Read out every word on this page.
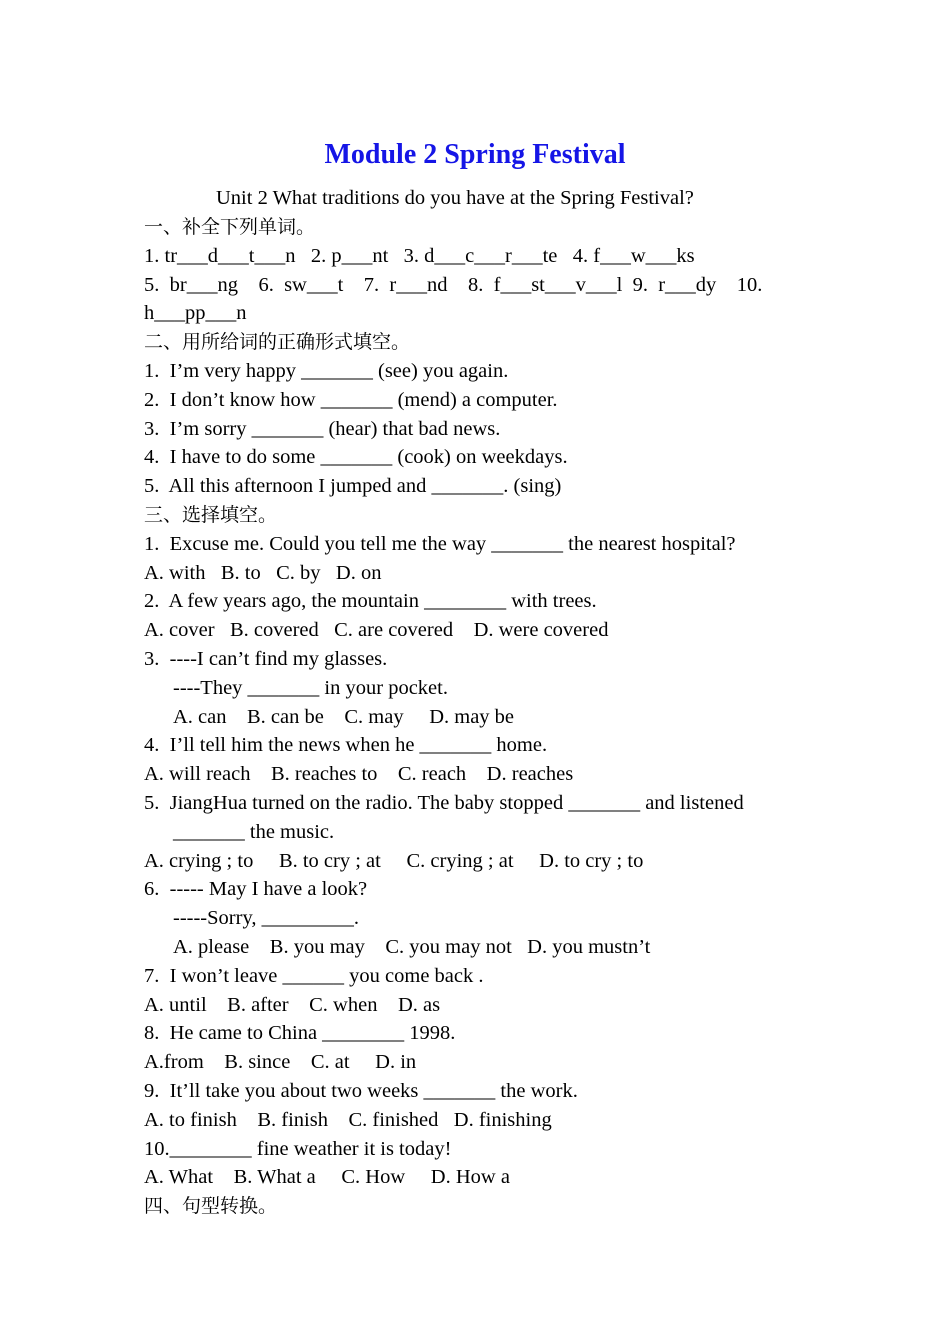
Module 2 Spring Festival
Unit 2 What traditions do you have at the Spring Festival?
一、补全下列单词。
1. tr___d___t___n   2. p___nt   3. d___c___r___te   4. f___w___ks
5.  br___ng    6.  sw___t    7.  r___nd    8.  f___st___v___l  9.  r___dy    10.
h___pp___n
二、用所给词的正确形式填空。
1.  I’m very happy _______ (see) you again.
2.  I don’t know how _______ (mend) a computer.
3.  I’m sorry _______ (hear) that bad news.
4.  I have to do some _______ (cook) on weekdays.
5.  All this afternoon I jumped and _______. (sing)
三、选择填空。
1.  Excuse me. Could you tell me the way _______ the nearest hospital?
A. with   B. to   C. by   D. on
2.  A few years ago, the mountain ________ with trees.
A. cover   B. covered   C. are covered    D. were covered
3.  ----I can’t find my glasses.
----They _______ in your pocket.
A. can    B. can be    C. may     D. may be
4.  I’ll tell him the news when he _______ home.
A. will reach    B. reaches to    C. reach    D. reaches
5.  JiangHua turned on the radio. The baby stopped _______ and listened
_______ the music.
A. crying ; to     B. to cry ; at     C. crying ; at     D. to cry ; to
6.  ----- May I have a look?
-----Sorry, _________.
A. please    B. you may    C. you may not   D. you mustn’t
7.  I won’t leave ______ you come back .
A. until    B. after    C. when    D. as
8.  He came to China ________ 1998.
A.from    B. since    C. at     D. in
9.  It’ll take you about two weeks _______ the work.
A. to finish    B. finish    C. finished   D. finishing
10.________ fine weather it is today!
A. What    B. What a     C. How     D. How a
四、句型转换。
